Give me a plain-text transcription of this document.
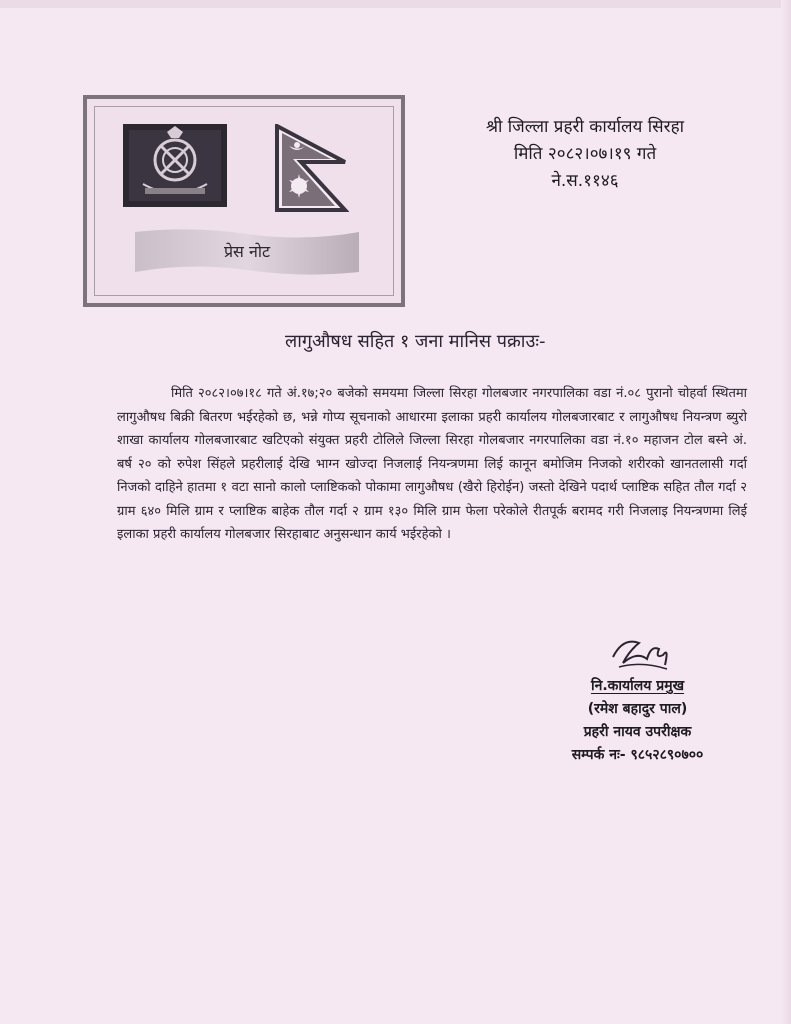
प्रेस नोट
श्री जिल्ला प्रहरी कार्यालय सिरहा
मिति २०८२।०७।१९ गते
ने.स.११४६
लागुऔषध सहित १ जना मानिस पक्राउः-
मिति २०८२।०७।१८ गते अं.१७;२० बजेको समयमा जिल्ला सिरहा गोलबजार नगरपालिका वडा नं.०८ पुरानो चोहर्वा स्थितमा लागुऔषध बिक्री बितरण भईरहेको छ, भन्ने गोप्य सूचनाको आधारमा इलाका प्रहरी कार्यालय गोलबजारबाट र लागुऔषध नियन्त्रण ब्युरो शाखा कार्यालय गोलबजारबाट खटिएको संयुक्त प्रहरी टोलिले जिल्ला सिरहा गोलबजार नगरपालिका वडा नं.१० महाजन टोल बस्ने अं. बर्ष २० को रुपेश सिंहले प्रहरीलाई देखि भाग्न खोज्दा निजलाई नियन्त्रणमा लिई कानून बमोजिम निजको शरीरको खानतलासी गर्दा निजको दाहिने हातमा १ वटा सानो कालो प्लाष्टिकको पोकामा लागुऔषध (खैरो हिरोईन) जस्तो देखिने पदार्थ प्लाष्टिक सहित तौल गर्दा २ ग्राम ६४० मिलि ग्राम र प्लाष्टिक बाहेक तौल गर्दा २ ग्राम १३० मिलि ग्राम फेला परेकोले रीतपूर्क बरामद गरी निजलाइ नियन्त्रणमा लिई इलाका प्रहरी कार्यालय गोलबजार सिरहाबाट अनुसन्धान कार्य भईरहेको ।
नि.कार्यालय प्रमुख
(रमेश बहादुर पाल)
प्रहरी नायव उपरीक्षक
सम्पर्क नः- ९८५२८९०७००
